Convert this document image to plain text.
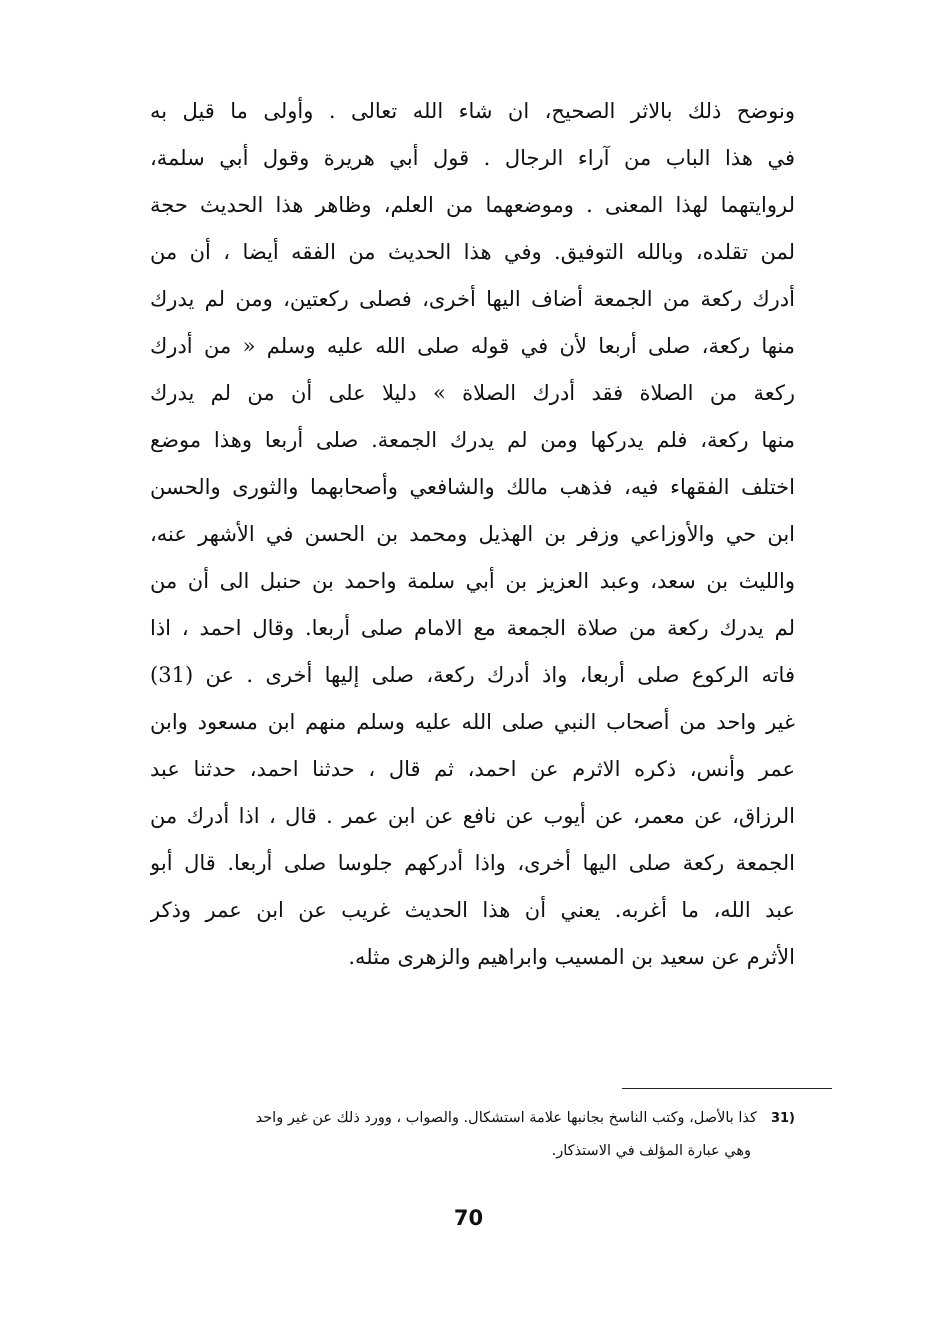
ونوضح ذلك بالاثر الصحيح، ان شاء الله تعالى . وأولى ما قيل به
في هذا الباب من آراء الرجال . قول أبي هريرة وقول أبي سلمة،
لروايتهما لهذا المعنى . وموضعهما من العلم، وظاهر هذا الحديث حجة
لمن تقلده، وبالله التوفيق. وفي هذا الحديث من الفقه أيضا ، أن من
أدرك ركعة من الجمعة أضاف اليها أخرى، فصلى ركعتين، ومن لم يدرك
منها ركعة، صلى أربعا لأن في قوله صلى الله عليه وسلم « من أدرك
ركعة من الصلاة فقد أدرك الصلاة » دليلا على أن من لم يدرك
منها ركعة، فلم يدركها ومن لم يدرك الجمعة. صلى أربعا وهذا موضع
اختلف الفقهاء فيه، فذهب مالك والشافعي وأصحابهما والثورى والحسن
ابن حي والأوزاعي وزفر بن الهذيل ومحمد بن الحسن في الأشهر عنه،
والليث بن سعد، وعبد العزيز بن أبي سلمة واحمد بن حنبل الى أن من
لم يدرك ركعة من صلاة الجمعة مع الامام صلى أربعا. وقال احمد ، اذا
فاته الركوع صلى أربعا، واذ أدرك ركعة، صلى إليها أخرى . عن (31)
غير واحد من أصحاب النبي صلى الله عليه وسلم منهم ابن مسعود وابن
عمر وأنس، ذكره الاثرم عن احمد، ثم قال ، حدثنا احمد، حدثنا عبد
الرزاق، عن معمر، عن أيوب عن نافع عن ابن عمر . قال ، اذا أدرك من
الجمعة ركعة صلى اليها أخرى، واذا أدركهم جلوسا صلى أربعا. قال أبو
عبد الله، ما أغربه. يعني أن هذا الحديث غريب عن ابن عمر وذكر
الأثرم عن سعيد بن المسيب وابراهيم والزهرى مثله.
31)كذا بالأصل، وكتب الناسخ بجانبها علامة استشكال. والصواب ، وورد ذلك عن غير واحد
وهي عبارة المؤلف في الاستذكار.
70
